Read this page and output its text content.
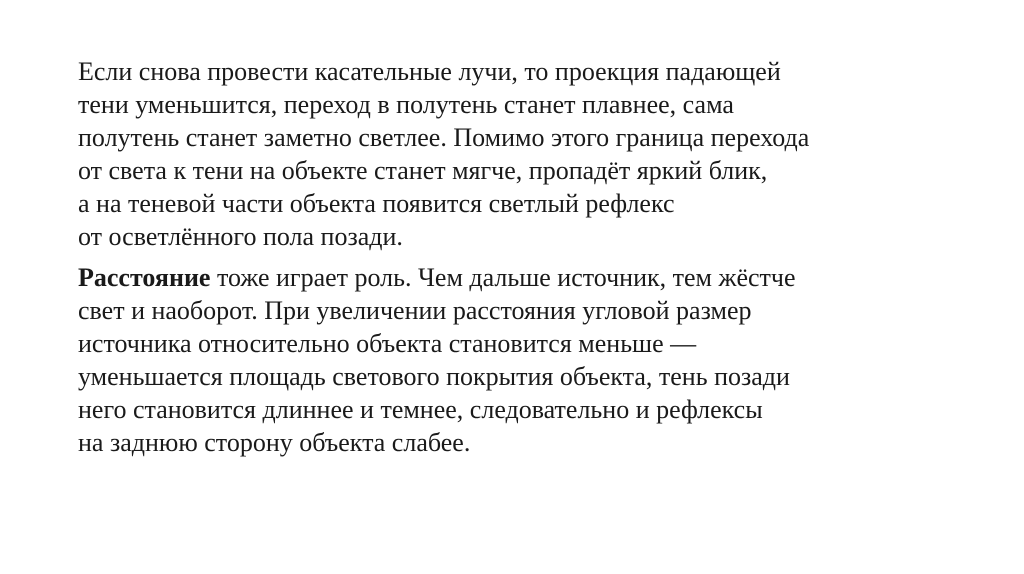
Если снова провести касательные лучи, то проекция падающей
тени уменьшится, переход в полутень станет плавнее, сама
полутень станет заметно светлее. Помимо этого граница перехода
от света к тени на объекте станет мягче, пропадёт яркий блик,
а на теневой части объекта появится светлый рефлекс
от осветлённого пола позади.

Расстояние тоже играет роль. Чем дальше источник, тем жёстче
свет и наоборот. При увеличении расстояния угловой размер
источника относительно объекта становится меньше —
уменьшается площадь светового покрытия объекта, тень позади
него становится длиннее и темнее, следовательно и рефлексы
на заднюю сторону объекта слабее.
